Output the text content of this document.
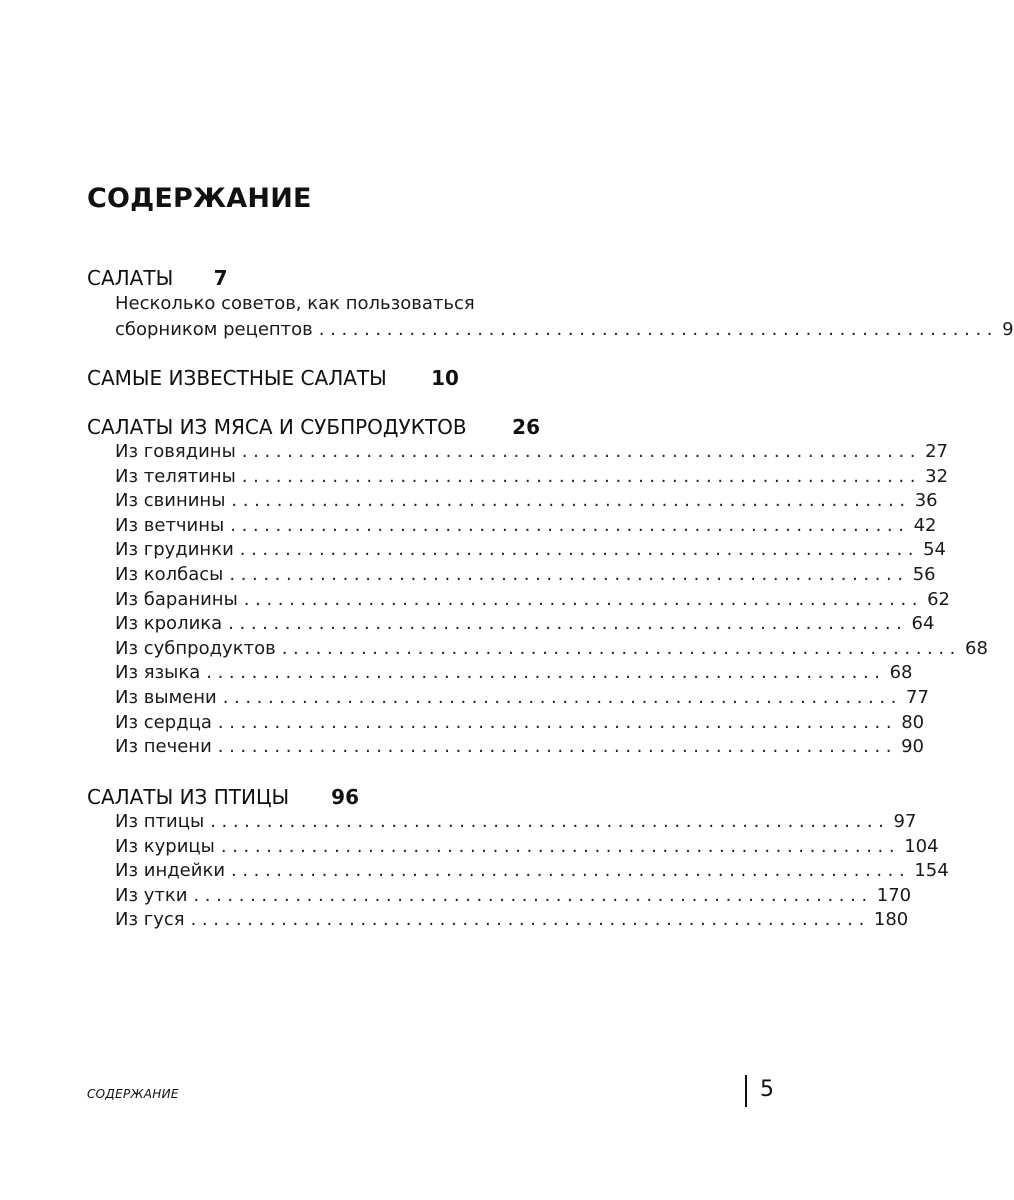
СОДЕРЖАНИЕ
САЛАТЫ 7
Несколько советов, как пользоваться
сборником рецептов ............................................................ 9
САМЫЕ ИЗВЕСТНЫЕ САЛАТЫ 10
САЛАТЫ ИЗ МЯСА И СУБПРОДУКТОВ 26
Из говядины ............................................................ 27
Из телятины ............................................................ 32
Из свинины ............................................................ 36
Из ветчины ............................................................ 42
Из грудинки ............................................................ 54
Из колбасы ............................................................ 56
Из баранины ............................................................ 62
Из кролика ............................................................ 64
Из субпродуктов ............................................................ 68
Из языка ............................................................ 68
Из вымени ............................................................ 77
Из сердца ............................................................ 80
Из печени ............................................................ 90
САЛАТЫ ИЗ ПТИЦЫ 96
Из птицы ............................................................ 97
Из курицы ............................................................ 104
Из индейки ............................................................ 154
Из утки ............................................................ 170
Из гуся ............................................................ 180
СОДЕРЖАНИЕ	5
